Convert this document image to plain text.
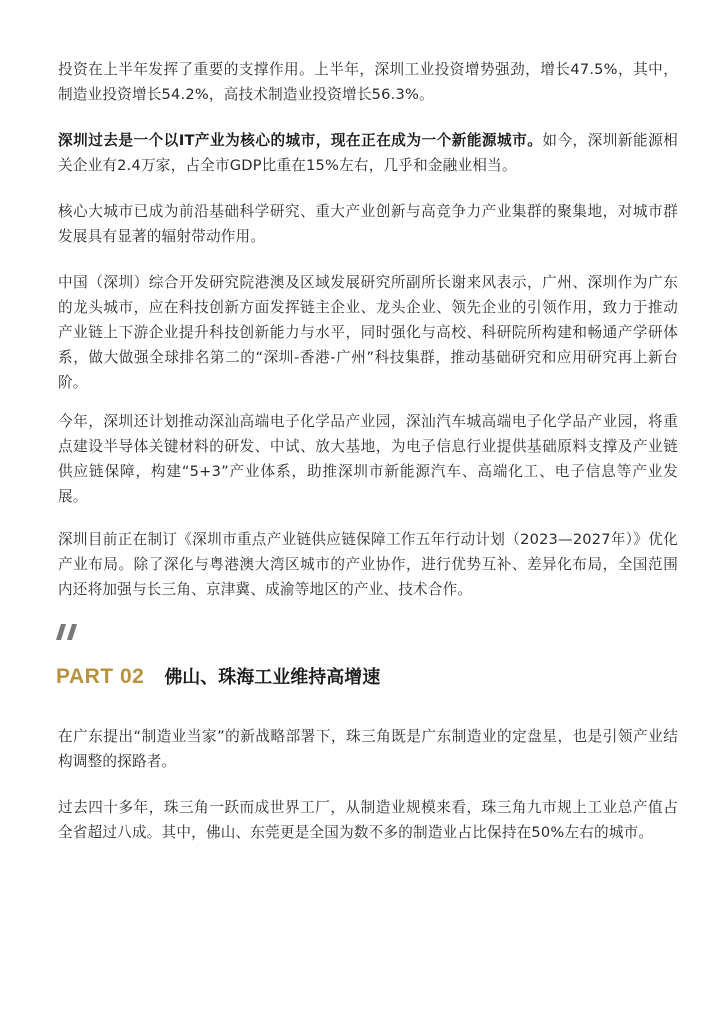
投资在上半年发挥了重要的支撑作用。上半年，深圳工业投资增势强劲，增长47.5%，其中，制造业投资增长54.2%，高技术制造业投资增长56.3%。

深圳过去是一个以IT产业为核心的城市，现在正在成为一个新能源城市。如今，深圳新能源相关企业有2.4万家，占全市GDP比重在15%左右，几乎和金融业相当。

核心大城市已成为前沿基础科学研究、重大产业创新与高竞争力产业集群的聚集地，对城市群发展具有显著的辐射带动作用。

中国（深圳）综合开发研究院港澳及区域发展研究所副所长谢来风表示，广州、深圳作为广东的龙头城市，应在科技创新方面发挥链主企业、龙头企业、领先企业的引领作用，致力于推动产业链上下游企业提升科技创新能力与水平，同时强化与高校、科研院所构建和畅通产学研体系，做大做强全球排名第二的“深圳-香港-广州”科技集群，推动基础研究和应用研究再上新台阶。

今年，深圳还计划推动深汕高端电子化学品产业园，深汕汽车城高端电子化学品产业园，将重点建设半导体关键材料的研发、中试、放大基地，为电子信息行业提供基础原料支撑及产业链供应链保障，构建“5+3”产业体系，助推深圳市新能源汽车、高端化工、电子信息等产业发展。

深圳目前正在制订《深圳市重点产业链供应链保障工作五年行动计划（2023—2027年）》优化产业布局。除了深化与粤港澳大湾区城市的产业协作，进行优势互补、差异化布局，全国范围内还将加强与长三角、京津冀、成渝等地区的产业、技术合作。

PART 02 佛山、珠海工业维持高增速

在广东提出“制造业当家”的新战略部署下，珠三角既是广东制造业的定盘星，也是引领产业结构调整的探路者。

过去四十多年，珠三角一跃而成世界工厂，从制造业规模来看，珠三角九市规上工业总产值占全省超过八成。其中，佛山、东莞更是全国为数不多的制造业占比保持在50%左右的城市。
